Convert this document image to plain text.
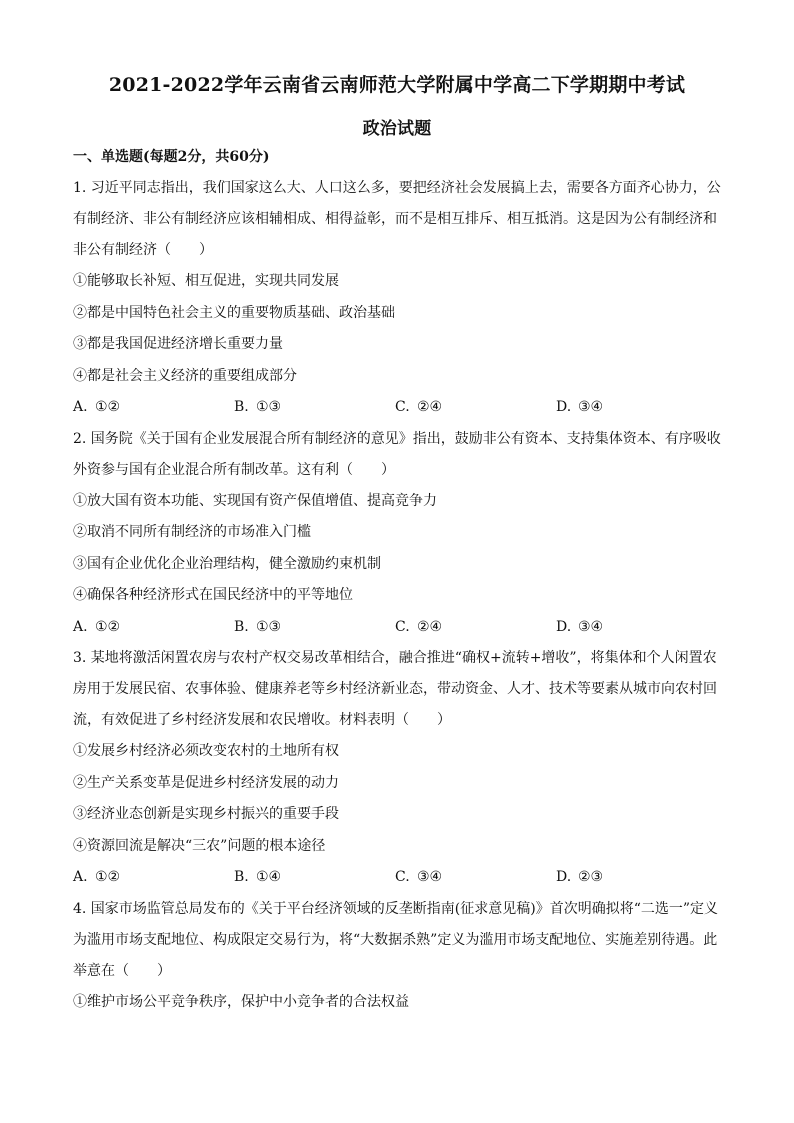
2021-2022学年云南省云南师范大学附属中学高二下学期期中考试
政治试题
一、单选题(每题2分，共60分)

1. 习近平同志指出，我们国家这么大、人口这么多，要把经济社会发展搞上去，需要各方面齐心协力，公有制经济、非公有制经济应该相辅相成、相得益彰，而不是相互排斥、相互抵消。这是因为公有制经济和非公有制经济（　　）

①能够取长补短、相互促进，实现共同发展

②都是中国特色社会主义的重要物质基础、政治基础

③都是我国促进经济增长重要力量

④都是社会主义经济的重要组成部分

A. ①②	B. ①③	C. ②④	D. ③④

2. 国务院《关于国有企业发展混合所有制经济的意见》指出，鼓励非公有资本、支持集体资本、有序吸收外资参与国有企业混合所有制改革。这有利（　　）

①放大国有资本功能、实现国有资产保值增值、提高竞争力

②取消不同所有制经济的市场准入门槛

③国有企业优化企业治理结构，健全激励约束机制

④确保各种经济形式在国民经济中的平等地位

A. ①②	B. ①③	C. ②④	D. ③④

3. 某地将激活闲置农房与农村产权交易改革相结合，融合推进“确权+流转+增收”，将集体和个人闲置农房用于发展民宿、农事体验、健康养老等乡村经济新业态，带动资金、人才、技术等要素从城市向农村回流，有效促进了乡村经济发展和农民增收。材料表明（　　）

①发展乡村经济必须改变农村的土地所有权

②生产关系变革是促进乡村经济发展的动力

③经济业态创新是实现乡村振兴的重要手段

④资源回流是解决“三农”问题的根本途径

A. ①②	B. ①④	C. ③④	D. ②③

4. 国家市场监管总局发布的《关于平台经济领域的反垄断指南(征求意见稿)》首次明确拟将“二选一”定义为滥用市场支配地位、构成限定交易行为，将“大数据杀熟”定义为滥用市场支配地位、实施差别待遇。此举意在（　　）

①维护市场公平竞争秩序，保护中小竞争者的合法权益
